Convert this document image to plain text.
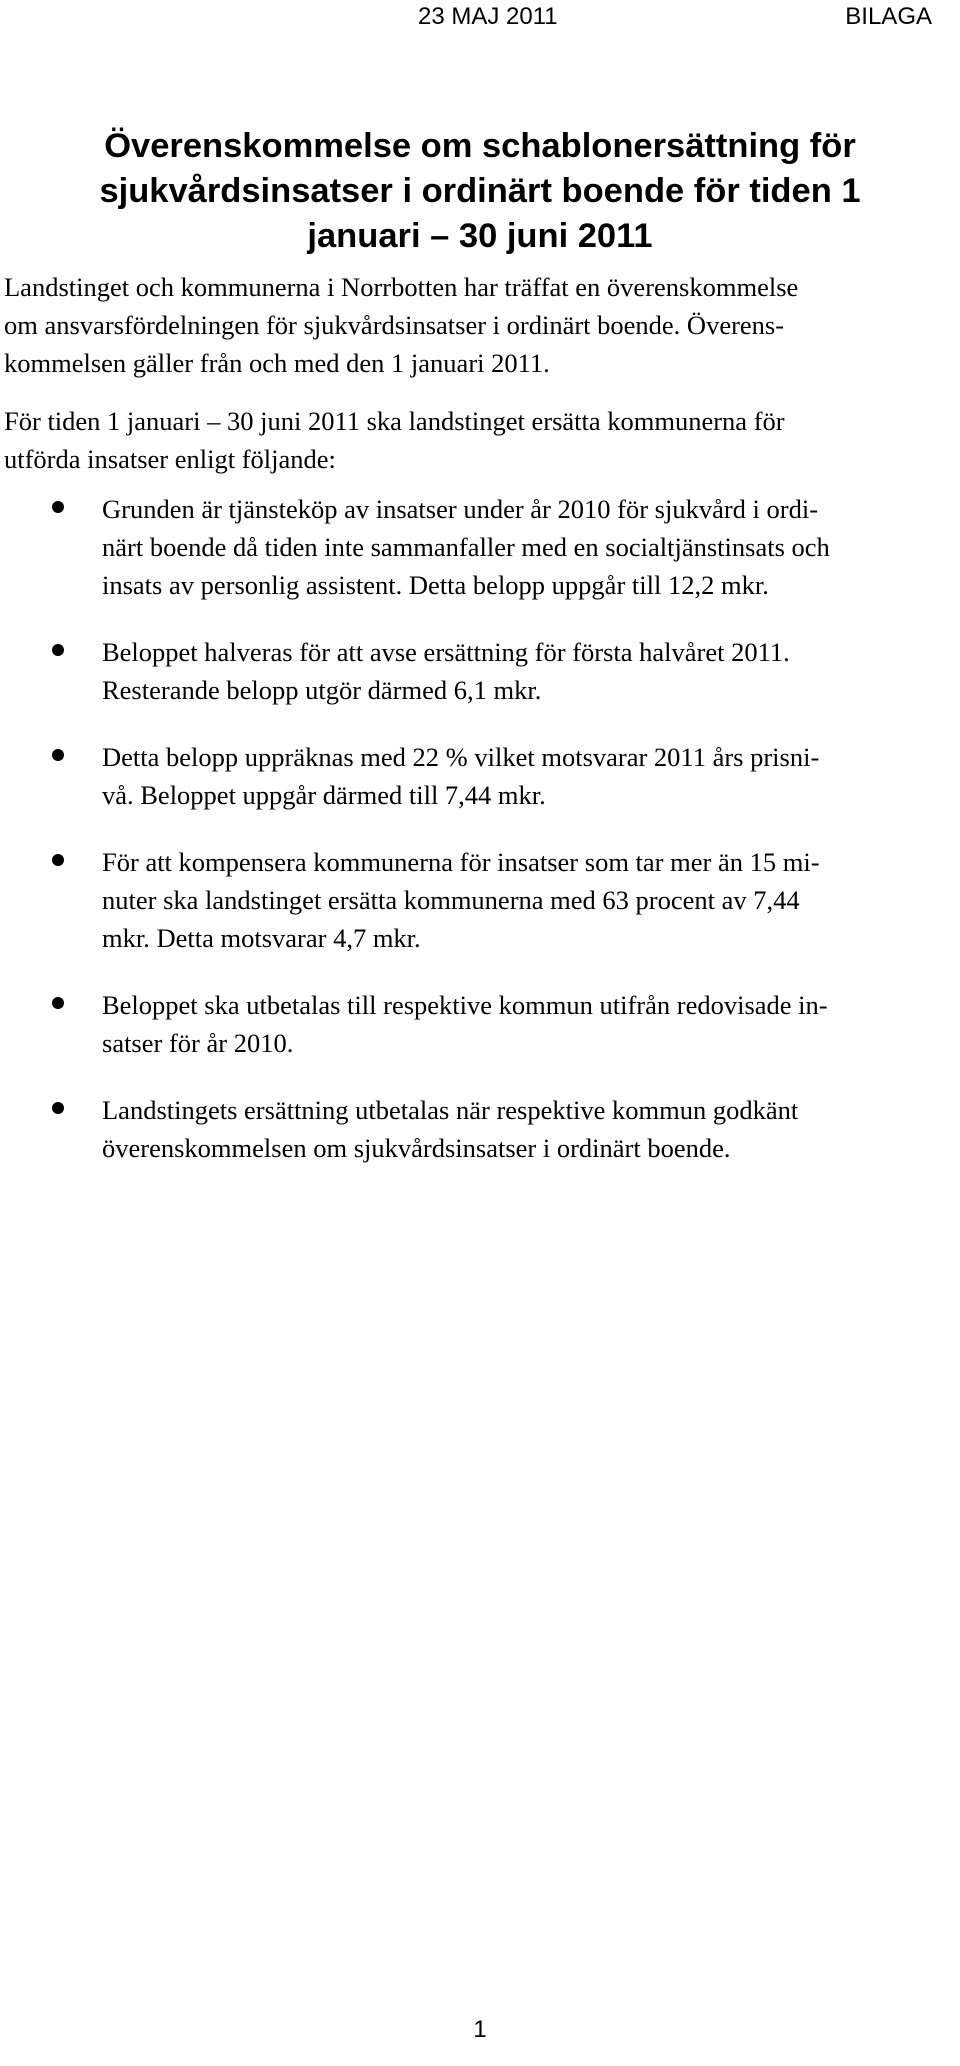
23 MAJ 2011	BILAGA
Överenskommelse om schablonersättning för
sjukvårdsinsatser i ordinärt boende för tiden 1
januari – 30 juni 2011

Landstinget och kommunerna i Norrbotten har träffat en överenskommelse
om ansvarsfördelningen för sjukvårdsinsatser i ordinärt boende. Överens-
kommelsen gäller från och med den 1 januari 2011.

För tiden 1 januari – 30 juni 2011 ska landstinget ersätta kommunerna för
utförda insatser enligt följande:

Grunden är tjänsteköp av insatser under år 2010 för sjukvård i ordi-
närt boende då tiden inte sammanfaller med en socialtjänstinsats och
insats av personlig assistent. Detta belopp uppgår till 12,2 mkr.
Beloppet halveras för att avse ersättning för första halvåret 2011.
Resterande belopp utgör därmed 6,1 mkr.
Detta belopp uppräknas med 22 % vilket motsvarar 2011 års prisni-
vå. Beloppet uppgår därmed till 7,44 mkr.
För att kompensera kommunerna för insatser som tar mer än 15 mi-
nuter ska landstinget ersätta kommunerna med 63 procent av 7,44
mkr. Detta motsvarar 4,7 mkr.
Beloppet ska utbetalas till respektive kommun utifrån redovisade in-
satser för år 2010.
Landstingets ersättning utbetalas när respektive kommun godkänt
överenskommelsen om sjukvårdsinsatser i ordinärt boende.
1
